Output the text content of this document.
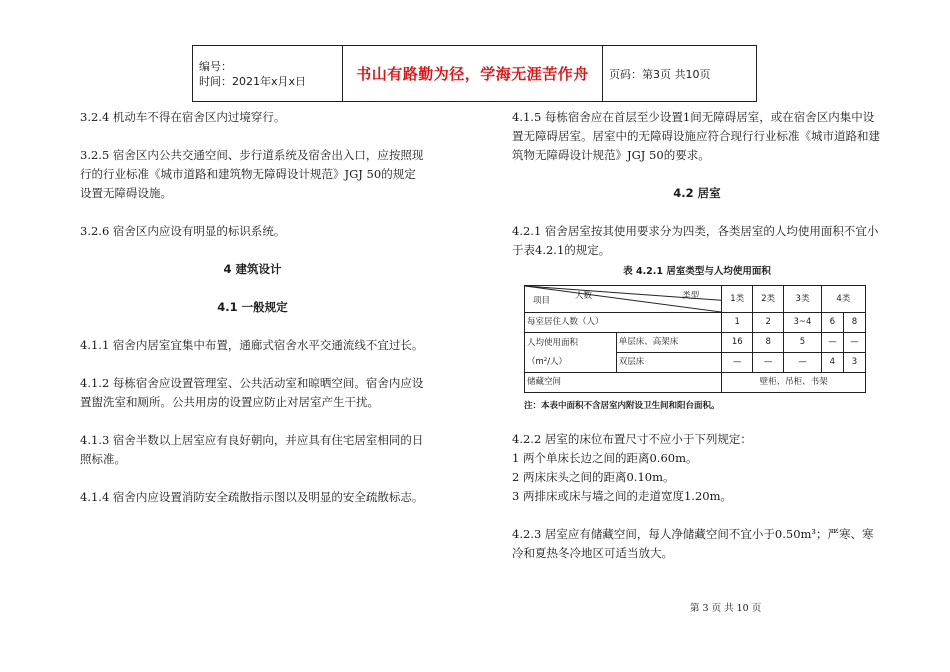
编号：
时间：2021年x月x日	书山有路勤为径，学海无涯苦作舟	页码：第3页 共10页

3.2.4 机动车不得在宿舍区内过境穿行。

3.2.5 宿舍区内公共交通空间、步行道系统及宿舍出入口，应按照现行的行业标准《城市道路和建筑物无障碍设计规范》JGJ 50的规定设置无障碍设施。

3.2.6 宿舍区内应设有明显的标识系统。

4 建筑设计
4.1 一般规定

4.1.1 宿舍内居室宜集中布置，通廊式宿舍水平交通流线不宜过长。

4.1.2 每栋宿舍应设置管理室、公共活动室和晾晒空间。宿舍内应设置盥洗室和厕所。公共用房的设置应防止对居室产生干扰。

4.1.3 宿舍半数以上居室应有良好朝向，并应具有住宅居室相同的日照标准。

4.1.4 宿舍内应设置消防安全疏散指示图以及明显的安全疏散标志。

4.1.5 每栋宿舍应在首层至少设置1间无障碍居室，或在宿舍区内集中设置无障碍居室。居室中的无障碍设施应符合现行行业标准《城市道路和建筑物无障碍设计规范》JGJ 50的要求。

4.2 居室

4.2.1 宿舍居室按其使用要求分为四类，各类居室的人均使用面积不宜小于表4.2.1的规定。

表 4.2.1 居室类型与人均使用面积
人数 类型
项目		1类	2类	3类	4类	
每室居住人数（人）		1	2	3~4	6	8

人均使用面积
（m²/人）	单层床、高架床	16	8	5	—	—
	双层床	—	—	—	4	3
储藏空间		壁柜、吊柜、书架				
注：本表中面积不含居室内附设卫生间和阳台面积。
4.2.2 居室的床位布置尺寸不应小于下列规定：
1 两个单床长边之间的距离0.60m。
2 两床床头之间的距离0.10m。
3 两排床或床与墙之间的走道宽度1.20m。

4.2.3 居室应有储藏空间，每人净储藏空间不宜小于0.50m³；严寒、寒冷和夏热冬冷地区可适当放大。

第 3 页 共 10 页
